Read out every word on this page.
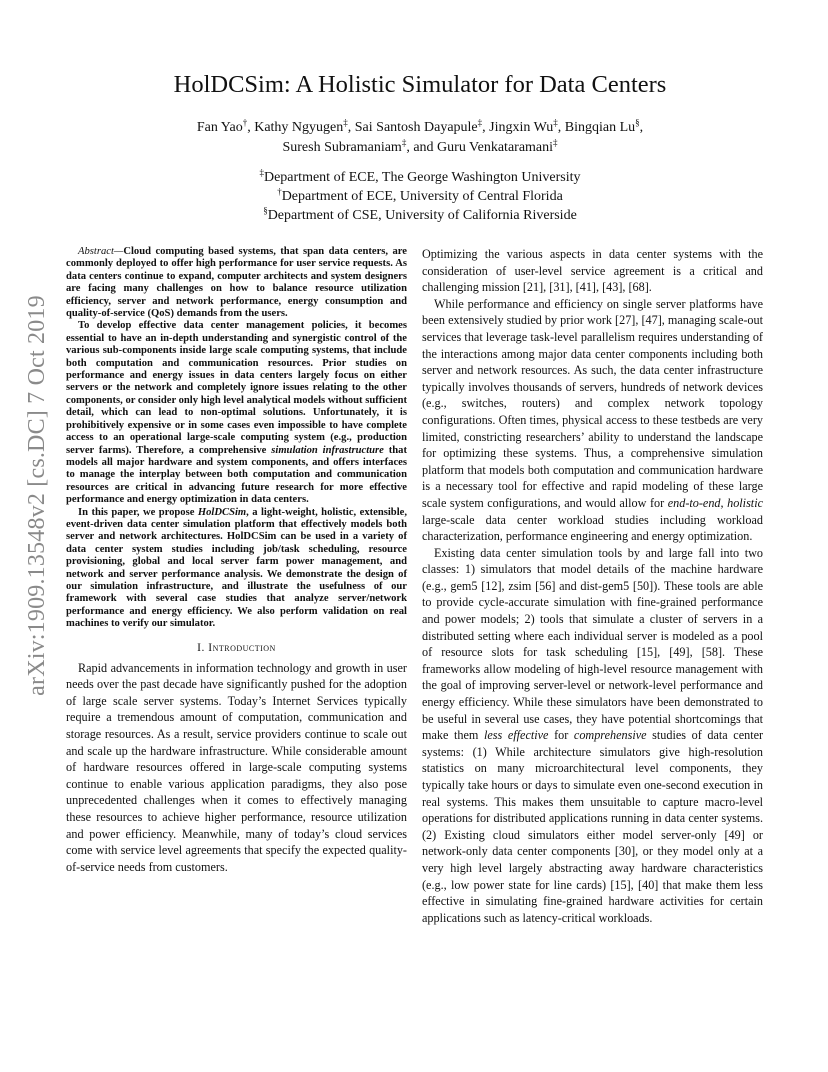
arXiv:1909.13548v2 [cs.DC] 7 Oct 2019
HolDCSim: A Holistic Simulator for Data Centers
Fan Yao†, Kathy Ngyugen‡, Sai Santosh Dayapule‡, Jingxin Wu‡, Bingqian Lu§,
Suresh Subramaniam‡, and Guru Venkataramani‡
‡Department of ECE, The George Washington University
†Department of ECE, University of Central Florida
§Department of CSE, University of California Riverside

Abstract—Cloud computing based systems, that span data centers, are commonly deployed to offer high performance for user service requests. As data centers continue to expand, computer architects and system designers are facing many challenges on how to balance resource utilization efficiency, server and network performance, energy consumption and quality-of-service (QoS) demands from the users.

To develop effective data center management policies, it becomes essential to have an in-depth understanding and synergistic control of the various sub-components inside large scale computing systems, that include both computation and communication resources. Prior studies on performance and energy issues in data centers largely focus on either servers or the network and completely ignore issues relating to the other components, or consider only high level analytical models without sufficient detail, which can lead to non-optimal solutions. Unfortunately, it is prohibitively expensive or in some cases even impossible to have complete access to an operational large-scale computing system (e.g., production server farms). Therefore, a comprehensive simulation infrastructure that models all major hardware and system components, and offers interfaces to manage the interplay between both computation and communication resources are critical in advancing future research for more effective performance and energy optimization in data centers.

In this paper, we propose HolDCSim, a light-weight, holistic, extensible, event-driven data center simulation platform that effectively models both server and network architectures. HolDCSim can be used in a variety of data center system studies including job/task scheduling, resource provisioning, global and local server farm power management, and network and server performance analysis. We demonstrate the design of our simulation infrastructure, and illustrate the usefulness of our framework with several case studies that analyze server/network performance and energy efficiency. We also perform validation on real machines to verify our simulator.

I. Introduction

Rapid advancements in information technology and growth in user needs over the past decade have significantly pushed for the adoption of large scale server systems. Today’s Internet Services typically require a tremendous amount of computation, communication and storage resources. As a result, service providers continue to scale out and scale up the hardware infrastructure. While considerable amount of hardware resources offered in large-scale computing systems continue to enable various application paradigms, they also pose unprecedented challenges when it comes to effectively managing these resources to achieve higher performance, resource utilization and power efficiency. Meanwhile, many of today’s cloud services come with service level agreements that specify the expected quality-of-service needs from customers.

Optimizing the various aspects in data center systems with the consideration of user-level service agreement is a critical and challenging mission [21], [31], [41], [43], [68].

While performance and efficiency on single server platforms have been extensively studied by prior work [27], [47], managing scale-out services that leverage task-level parallelism requires understanding of the interactions among major data center components including both server and network resources. As such, the data center infrastructure typically involves thousands of servers, hundreds of network devices (e.g., switches, routers) and complex network topology configurations. Often times, physical access to these testbeds are very limited, constricting researchers’ ability to understand the landscape for optimizing these systems. Thus, a comprehensive simulation platform that models both computation and communication hardware is a necessary tool for effective and rapid modeling of these large scale system configurations, and would allow for end-to-end, holistic large-scale data center workload studies including workload characterization, performance engineering and energy optimization.

Existing data center simulation tools by and large fall into two classes: 1) simulators that model details of the machine hardware (e.g., gem5 [12], zsim [56] and dist-gem5 [50]). These tools are able to provide cycle-accurate simulation with fine-grained performance and power models; 2) tools that simulate a cluster of servers in a distributed setting where each individual server is modeled as a pool of resource slots for task scheduling [15], [49], [58]. These frameworks allow modeling of high-level resource management with the goal of improving server-level or network-level performance and energy efficiency. While these simulators have been demonstrated to be useful in several use cases, they have potential shortcomings that make them less effective for comprehensive studies of data center systems: (1) While architecture simulators give high-resolution statistics on many microarchitectural level components, they typically take hours or days to simulate even one-second execution in real systems. This makes them unsuitable to capture macro-level operations for distributed applications running in data center systems. (2) Existing cloud simulators either model server-only [49] or network-only data center components [30], or they model only at a very high level largely abstracting away hardware characteristics (e.g., low power state for line cards) [15], [40] that make them less effective in simulating fine-grained hardware activities for certain applications such as latency-critical workloads.
